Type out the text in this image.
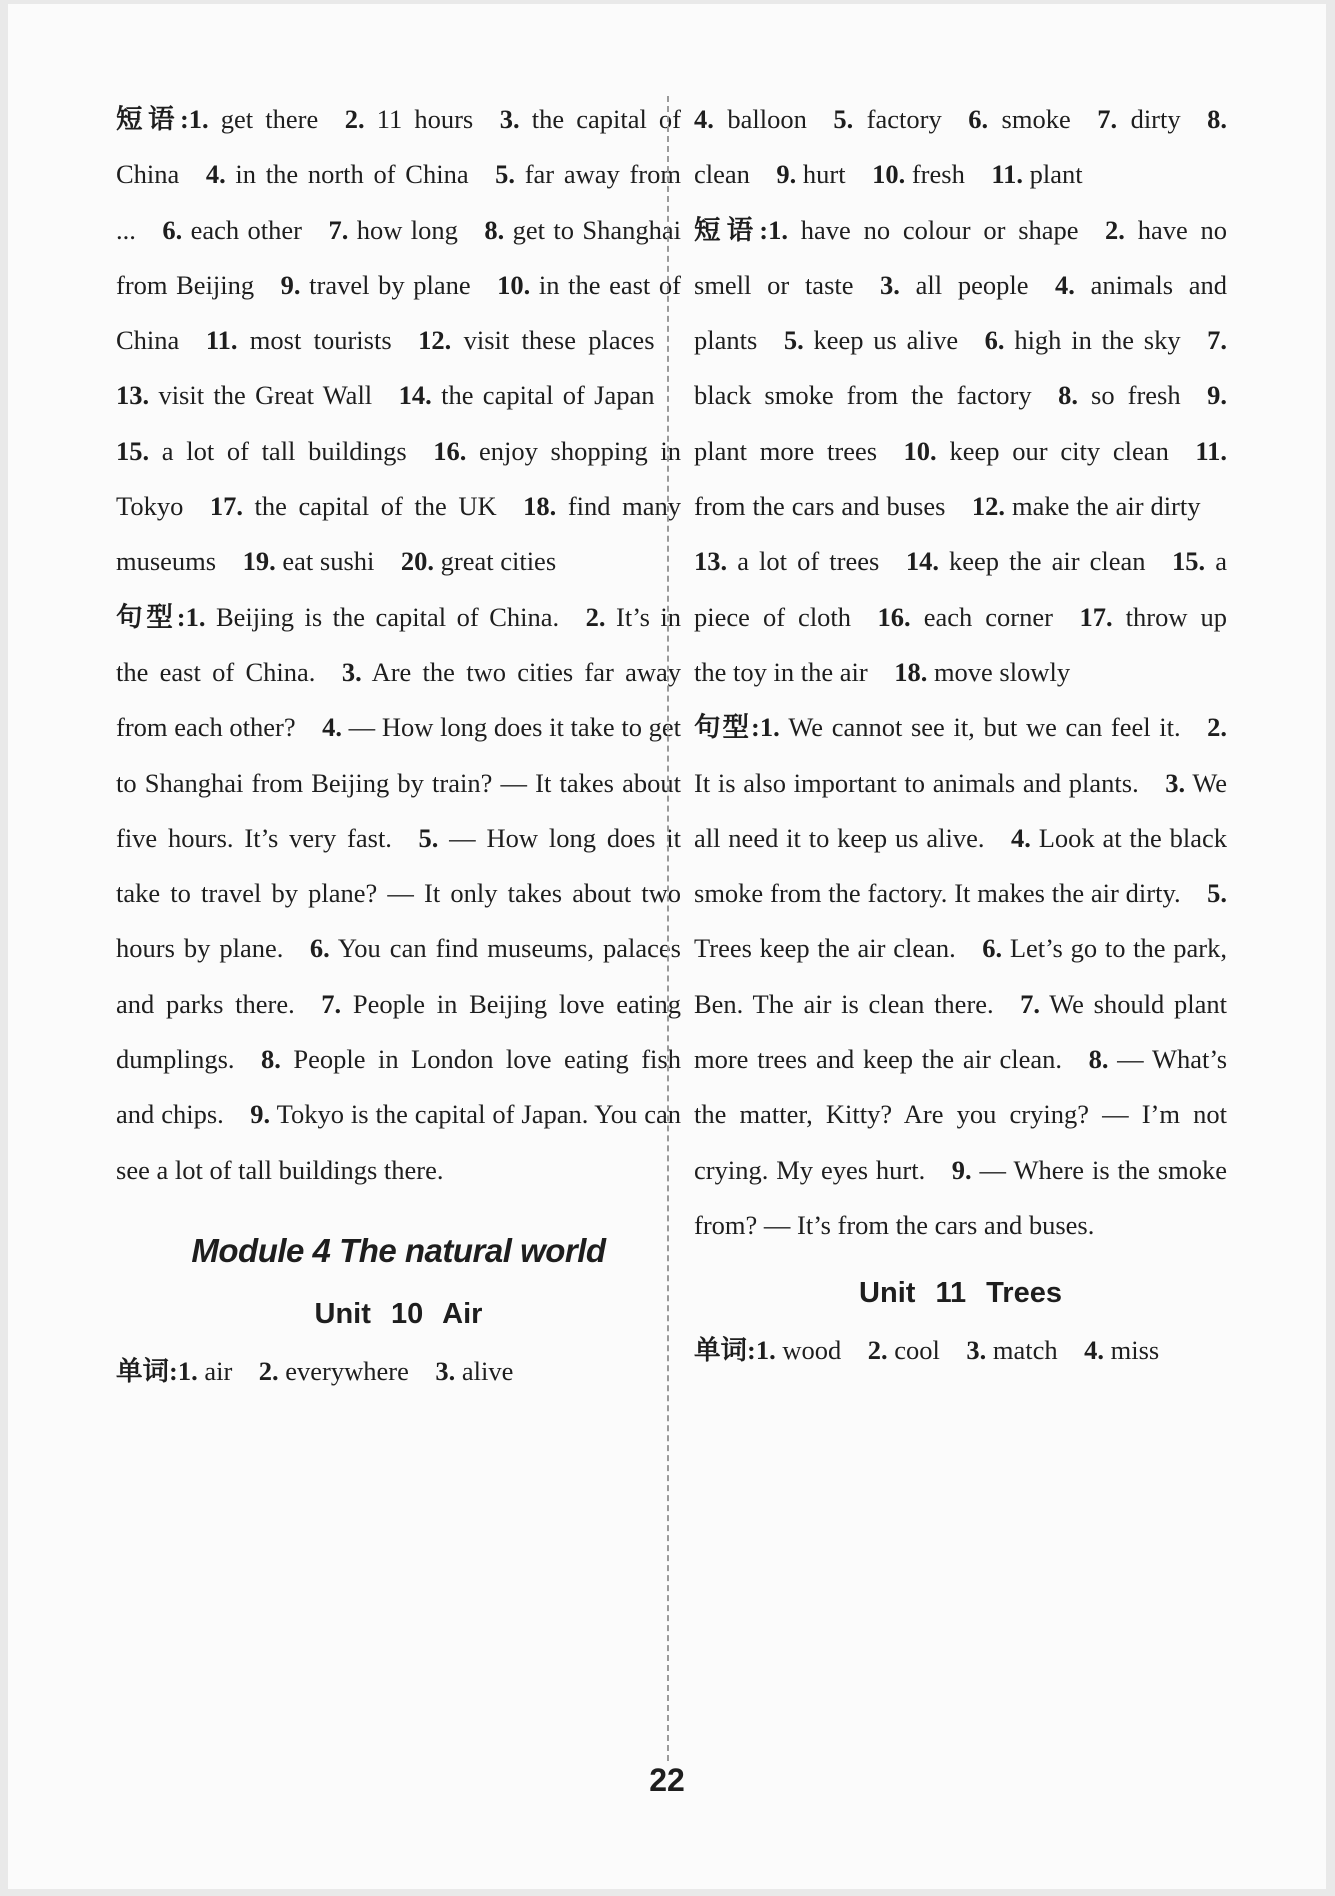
短语:1. get there  2. 11 hours  3. the capital of China  4. in the north of China  5. far away from ...  6. each other  7. how long  8. get to Shanghai from Beijing  9. travel by plane  10. in the east of China  11. most tourists  12. visit these places 13. visit the Great Wall  14. the capital of Japan 15. a lot of tall buildings  16. enjoy shopping in Tokyo  17. the capital of the UK  18. find many museums  19. eat sushi  20. great cities

句型:1. Beijing is the capital of China.  2. It’s in the east of China.  3. Are the two cities far away from each other?  4. — How long does it take to get to Shanghai from Beijing by train? — It takes about five hours. It’s very fast.  5. — How long does it take to travel by plane? — It only takes about two hours by plane.  6. You can find museums, palaces and parks there.  7. People in Beijing love eating dumplings.  8. People in London love eating fish and chips.  9. Tokyo is the capital of Japan. You can see a lot of tall buildings there.

Module 4 The natural world
Unit 10 Air

单词:1. air  2. everywhere  3. alive

4. balloon  5. factory  6. smoke  7. dirty  8. clean  9. hurt  10. fresh  11. plant

短语:1. have no colour or shape  2. have no smell or taste  3. all people  4. animals and plants  5. keep us alive  6. high in the sky  7. black smoke from the factory  8. so fresh  9. plant more trees  10. keep our city clean  11. from the cars and buses  12. make the air dirty 13. a lot of trees  14. keep the air clean  15. a piece of cloth  16. each corner  17. throw up the toy in the air  18. move slowly

句型:1. We cannot see it, but we can feel it.  2. It is also important to animals and plants.  3. We all need it to keep us alive.  4. Look at the black smoke from the factory. It makes the air dirty.  5. Trees keep the air clean.  6. Let’s go to the park, Ben. The air is clean there.  7. We should plant more trees and keep the air clean.  8. — What’s the matter, Kitty? Are you crying? — I’m not crying. My eyes hurt.  9. — Where is the smoke from? — It’s from the cars and buses.

Unit 11 Trees

单词:1. wood  2. cool  3. match  4. miss

22
